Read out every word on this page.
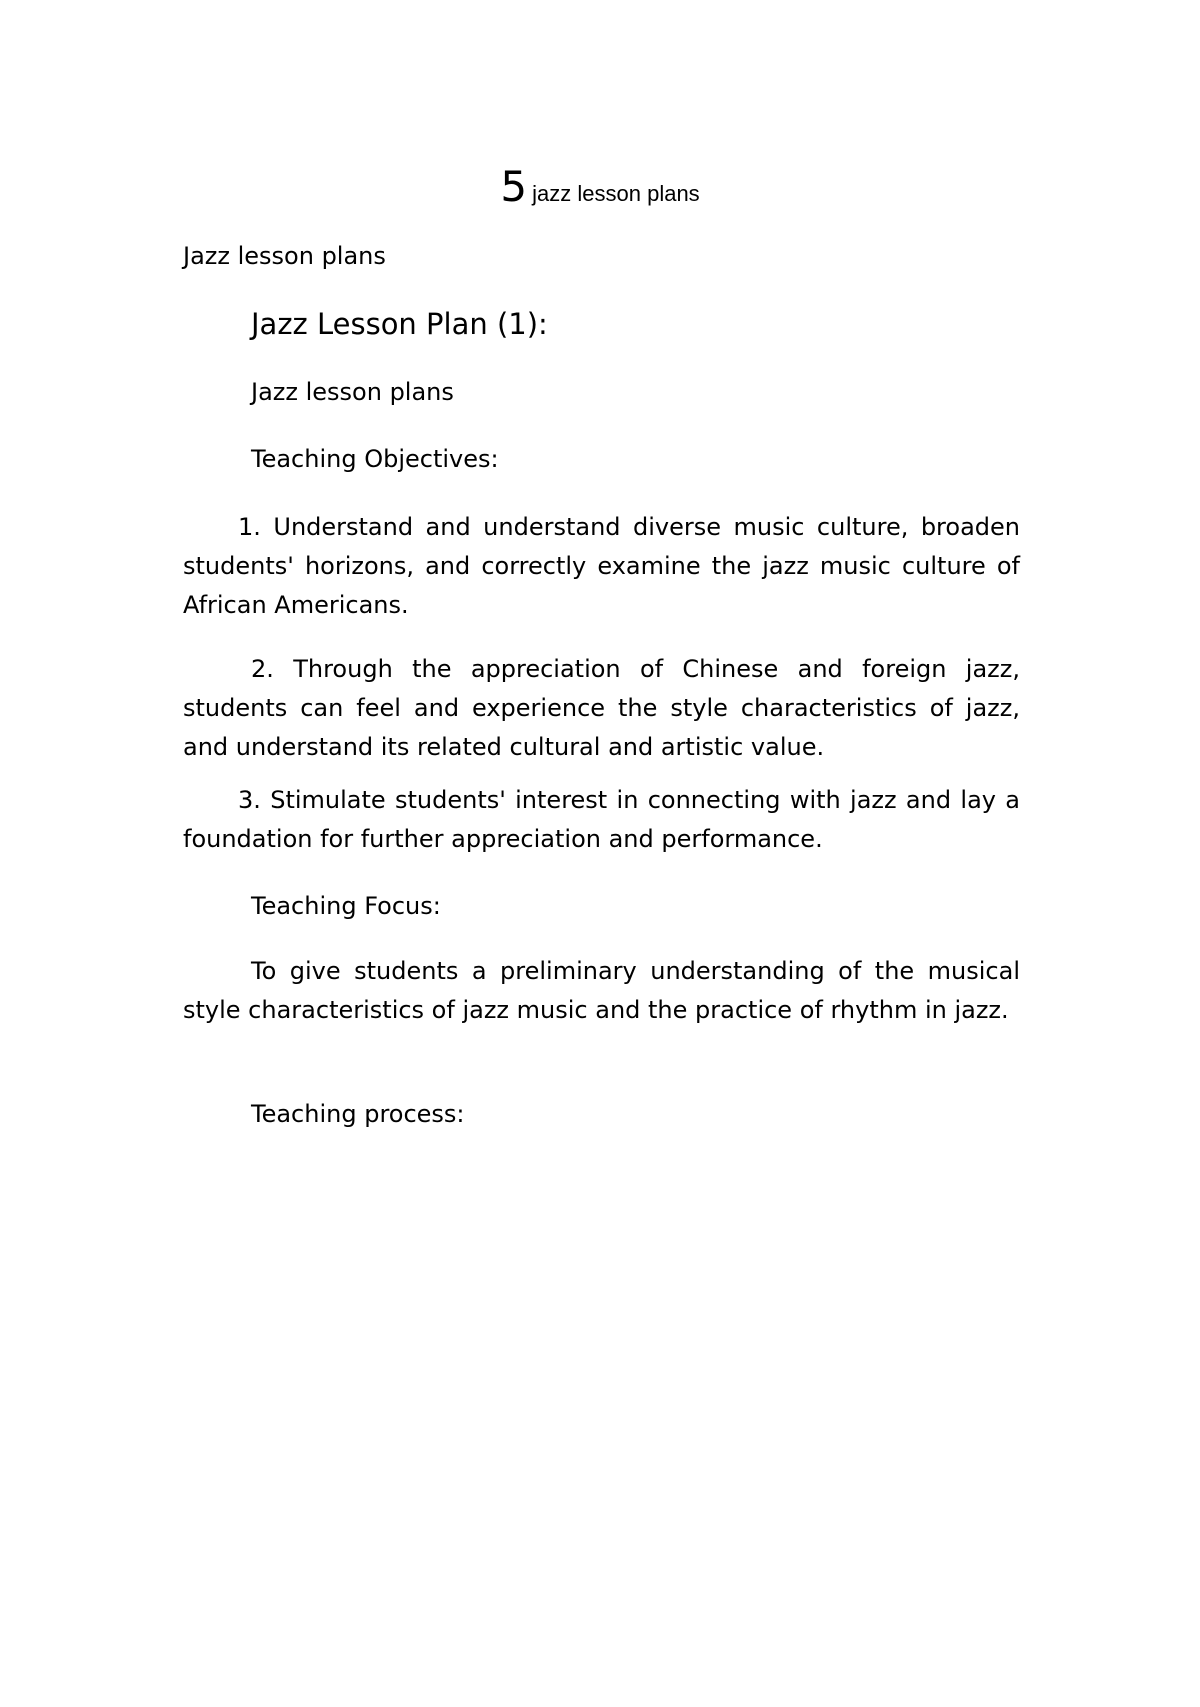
5 jazz lesson plans
Jazz lesson plans
Jazz Lesson Plan (1):
Jazz lesson plans
Teaching Objectives:
1. Understand and understand diverse music culture, broaden students' horizons, and correctly examine the jazz music culture of African Americans.
2. Through the appreciation of Chinese and foreign jazz, students can feel and experience the style characteristics of jazz, and understand its related cultural and artistic value.
3. Stimulate students' interest in connecting with jazz and lay a foundation for further appreciation and performance.
Teaching Focus:
To give students a preliminary understanding of the musical style characteristics of jazz music and the practice of rhythm in jazz.
Teaching process:
